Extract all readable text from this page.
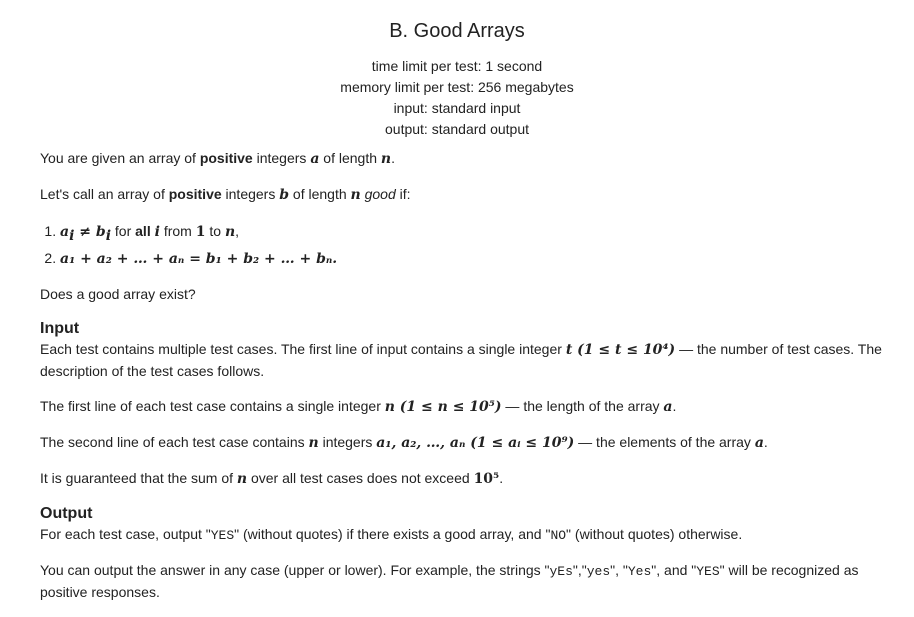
B. Good Arrays
time limit per test: 1 second
memory limit per test: 256 megabytes
input: standard input
output: standard output

You are given an array of positive integers a of length n.

Let's call an array of positive integers b of length n good if:

1. $a_i \ne b_i$ for all i from 1 to n,
2. a₁ + a₂ + … + aₙ = b₁ + b₂ + … + bₙ.

Does a good array exist?

Input

Each test contains multiple test cases. The first line of input contains a single integer t (1 ≤ t ≤ 10⁴) — the number of test cases. The description of the test cases follows.

The first line of each test case contains a single integer n (1 ≤ n ≤ 10⁵) — the length of the array a.

The second line of each test case contains n integers a₁, a₂, …, aₙ (1 ≤ aᵢ ≤ 10⁹) — the elements of the array a.

It is guaranteed that the sum of n over all test cases does not exceed 10⁵.

Output

For each test case, output "YES" (without quotes) if there exists a good array, and "NO" (without quotes) otherwise.

You can output the answer in any case (upper or lower). For example, the strings "yEs","yes", "Yes", and "YES" will be recognized as positive responses.
